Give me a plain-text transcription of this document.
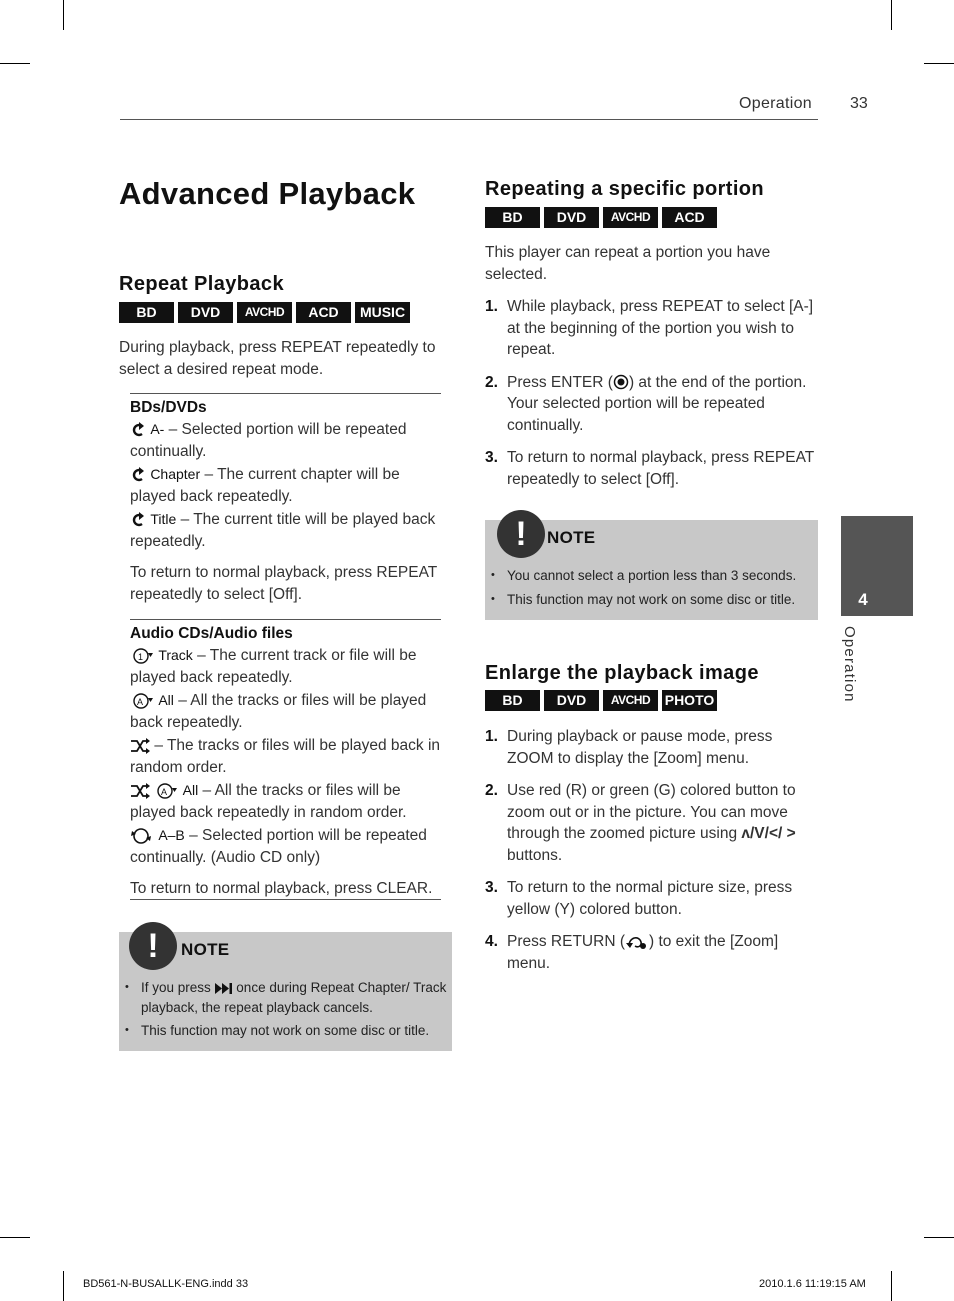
Operation 33
Advanced Playback
Repeat Playback
BD	DVD	AVCHD	ACD	MUSIC

During playback, press REPEAT repeatedly to select a desired repeat mode.

BDs/DVDs
A- – Selected portion will be repeated continually.
Chapter – The current chapter will be played back repeatedly.
Title – The current title will be played back repeatedly.

To return to normal playback, press REPEAT repeatedly to select [Off].

Audio CDs/Audio files
1 Track – The current track or file will be played back repeatedly.
A All – All the tracks or files will be played back repeatedly.
– The tracks or files will be played back in random order.

A All – All the tracks or files will be played back repeatedly in random order.
A–B – Selected portion will be repeated continually. (Audio CD only)

To return to normal playback, press CLEAR.

!	NOTE
• If you press  once during Repeat Chapter/ Track playback, the repeat playback cancels.
• This function may not work on some disc or title.
Repeating a specific portion
BD	DVD	AVCHD	ACD

This player can repeat a portion you have selected.

1. While playback, press REPEAT to select [A-] at the beginning of the portion you wish to repeat.
2. Press ENTER ( ) at the end of the portion. Your selected portion will be repeated continually.
3. To return to normal playback, press REPEAT repeatedly to select [Off].
!	NOTE
• You cannot select a portion less than 3 seconds.
• This function may not work on some disc or title.
Enlarge the playback image
BD	DVD	AVCHD	PHOTO
1. During playback or pause mode, press ZOOM to display the [Zoom] menu.
2. Use red (R) or green (G) colored button to zoom out or in the picture. You can move through the zoomed picture using ʌ/V/</ > buttons.
3. To return to the normal picture size, press yellow (Y) colored button.
4. Press RETURN ( ) to exit the [Zoom] menu.
4
Operation
BD561-N-BUSALLK-ENG.indd 33	2010.1.6 11:19:15 AM
